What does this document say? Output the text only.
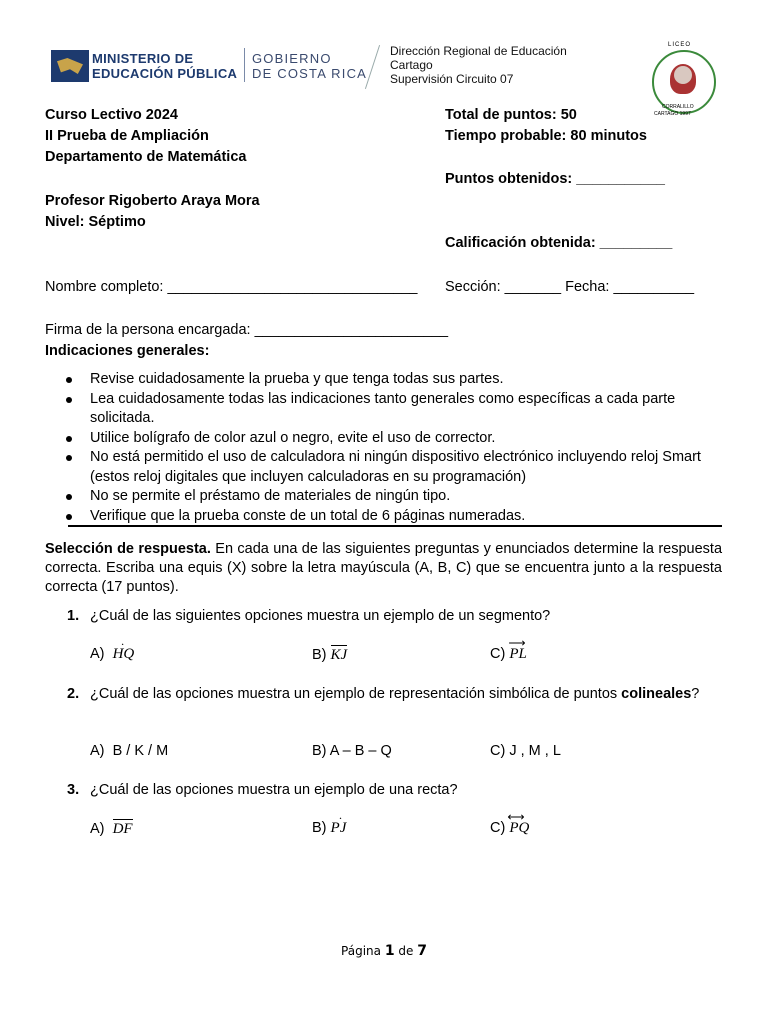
MINISTERIO DE
EDUCACIÓN PÚBLICA
GOBIERNO
DE COSTA RICA
Dirección Regional de Educación
Cartago
Supervisión Circuito 07
LICEO
CORRALILLO
CARTAGO 1997
Curso Lectivo 2024
II Prueba de Ampliación
Departamento de Matemática
Profesor Rigoberto Araya Mora
Nivel: Séptimo
Total de puntos: 50
Tiempo probable: 80 minutos
Puntos obtenidos: ___________
Calificación obtenida: _________
Nombre completo: _______________________________ Sección: _______ Fecha: __________
Firma de la persona encargada: ________________________
Indicaciones generales:
Revise cuidadosamente la prueba y que tenga todas sus partes.
Lea cuidadosamente todas las indicaciones tanto generales como específicas a cada parte solicitada.
Utilice bolígrafo de color azul o negro, evite el uso de corrector.
No está permitido el uso de calculadora ni ningún dispositivo electrónico incluyendo reloj Smart (estos reloj digitales que incluyen calculadoras en su programación)
No se permite el préstamo de materiales de ningún tipo.
Verifique que la prueba conste de un total de 6 páginas numeradas.
Selección de respuesta. En cada una de las siguientes preguntas y enunciados determine la respuesta correcta. Escriba una equis (X) sobre la letra mayúscula (A, B, C) que se encuentra junto a la respuesta correcta (17 puntos).
1. ¿Cuál de las siguientes opciones muestra un ejemplo de un segmento?
A) · HQ	B) KJ	C) ⟶ PL
2. ¿Cuál de las opciones muestra un ejemplo de representación simbólica de puntos colineales?
A) B / K / M	B) A – B – Q	C) J , M , L
3. ¿Cuál de las opciones muestra un ejemplo de una recta?
A) DF	B) · PJ	C) ⟷ PQ
Página 1 de 7
